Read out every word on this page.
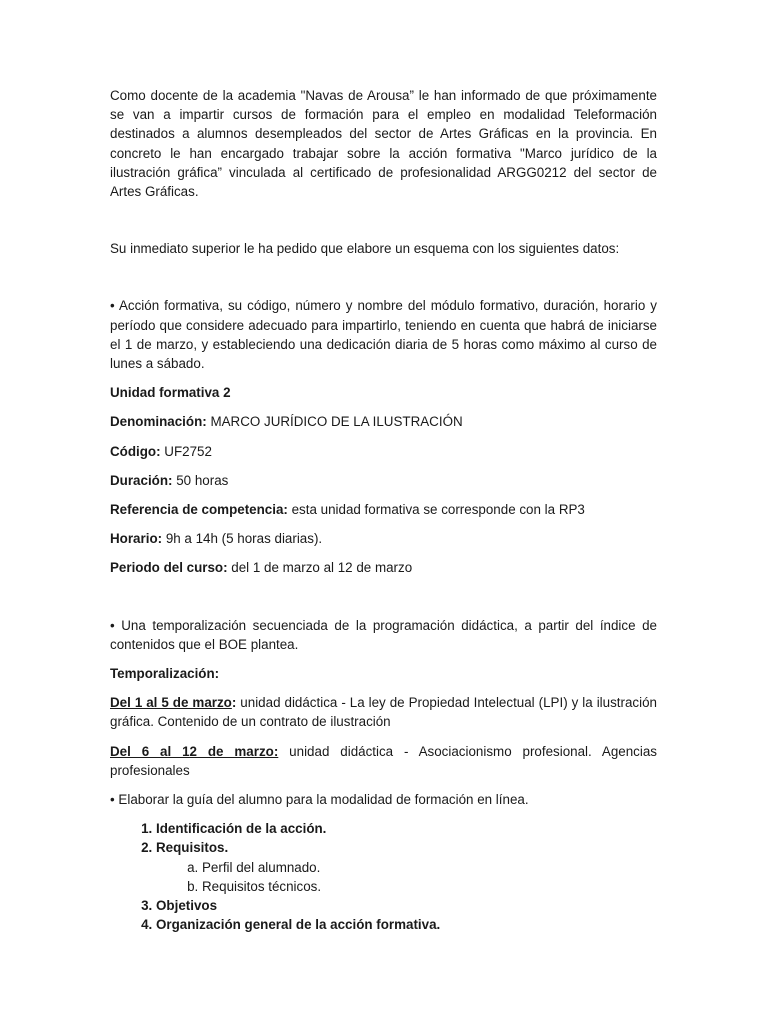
Como docente de la academia "Navas de Arousa” le han informado de que próximamente se van a impartir cursos de formación para el empleo en modalidad Teleformación destinados a alumnos desempleados del sector de Artes Gráficas en la provincia. En concreto le han encargado trabajar sobre la acción formativa "Marco jurídico de la ilustración gráfica” vinculada al certificado de profesionalidad ARGG0212 del sector de Artes Gráficas.

Su inmediato superior le ha pedido que elabore un esquema con los siguientes datos:

• Acción formativa, su código, número y nombre del módulo formativo, duración, horario y período que considere adecuado para impartirlo, teniendo en cuenta que habrá de iniciarse el 1 de marzo, y estableciendo una dedicación diaria de 5 horas como máximo al curso de lunes a sábado.

Unidad formativa 2

Denominación: MARCO JURÍDICO DE LA ILUSTRACIÓN

Código: UF2752

Duración: 50 horas

Referencia de competencia: esta unidad formativa se corresponde con la RP3

Horario: 9h a 14h (5 horas diarias).

Periodo del curso: del 1 de marzo al 12 de marzo

• Una temporalización secuenciada de la programación didáctica, a partir del índice de contenidos que el BOE plantea.

Temporalización:

Del 1 al 5 de marzo: unidad didáctica - La ley de Propiedad Intelectual (LPI) y la ilustración gráfica. Contenido de un contrato de ilustración

Del 6 al 12 de marzo: unidad didáctica - Asociacionismo profesional. Agencias profesionales

• Elaborar la guía del alumno para la modalidad de formación en línea.

1. Identificación de la acción.
2. Requisitos.
a. Perfil del alumnado.
b. Requisitos técnicos.
3. Objetivos
4. Organización general de la acción formativa.
